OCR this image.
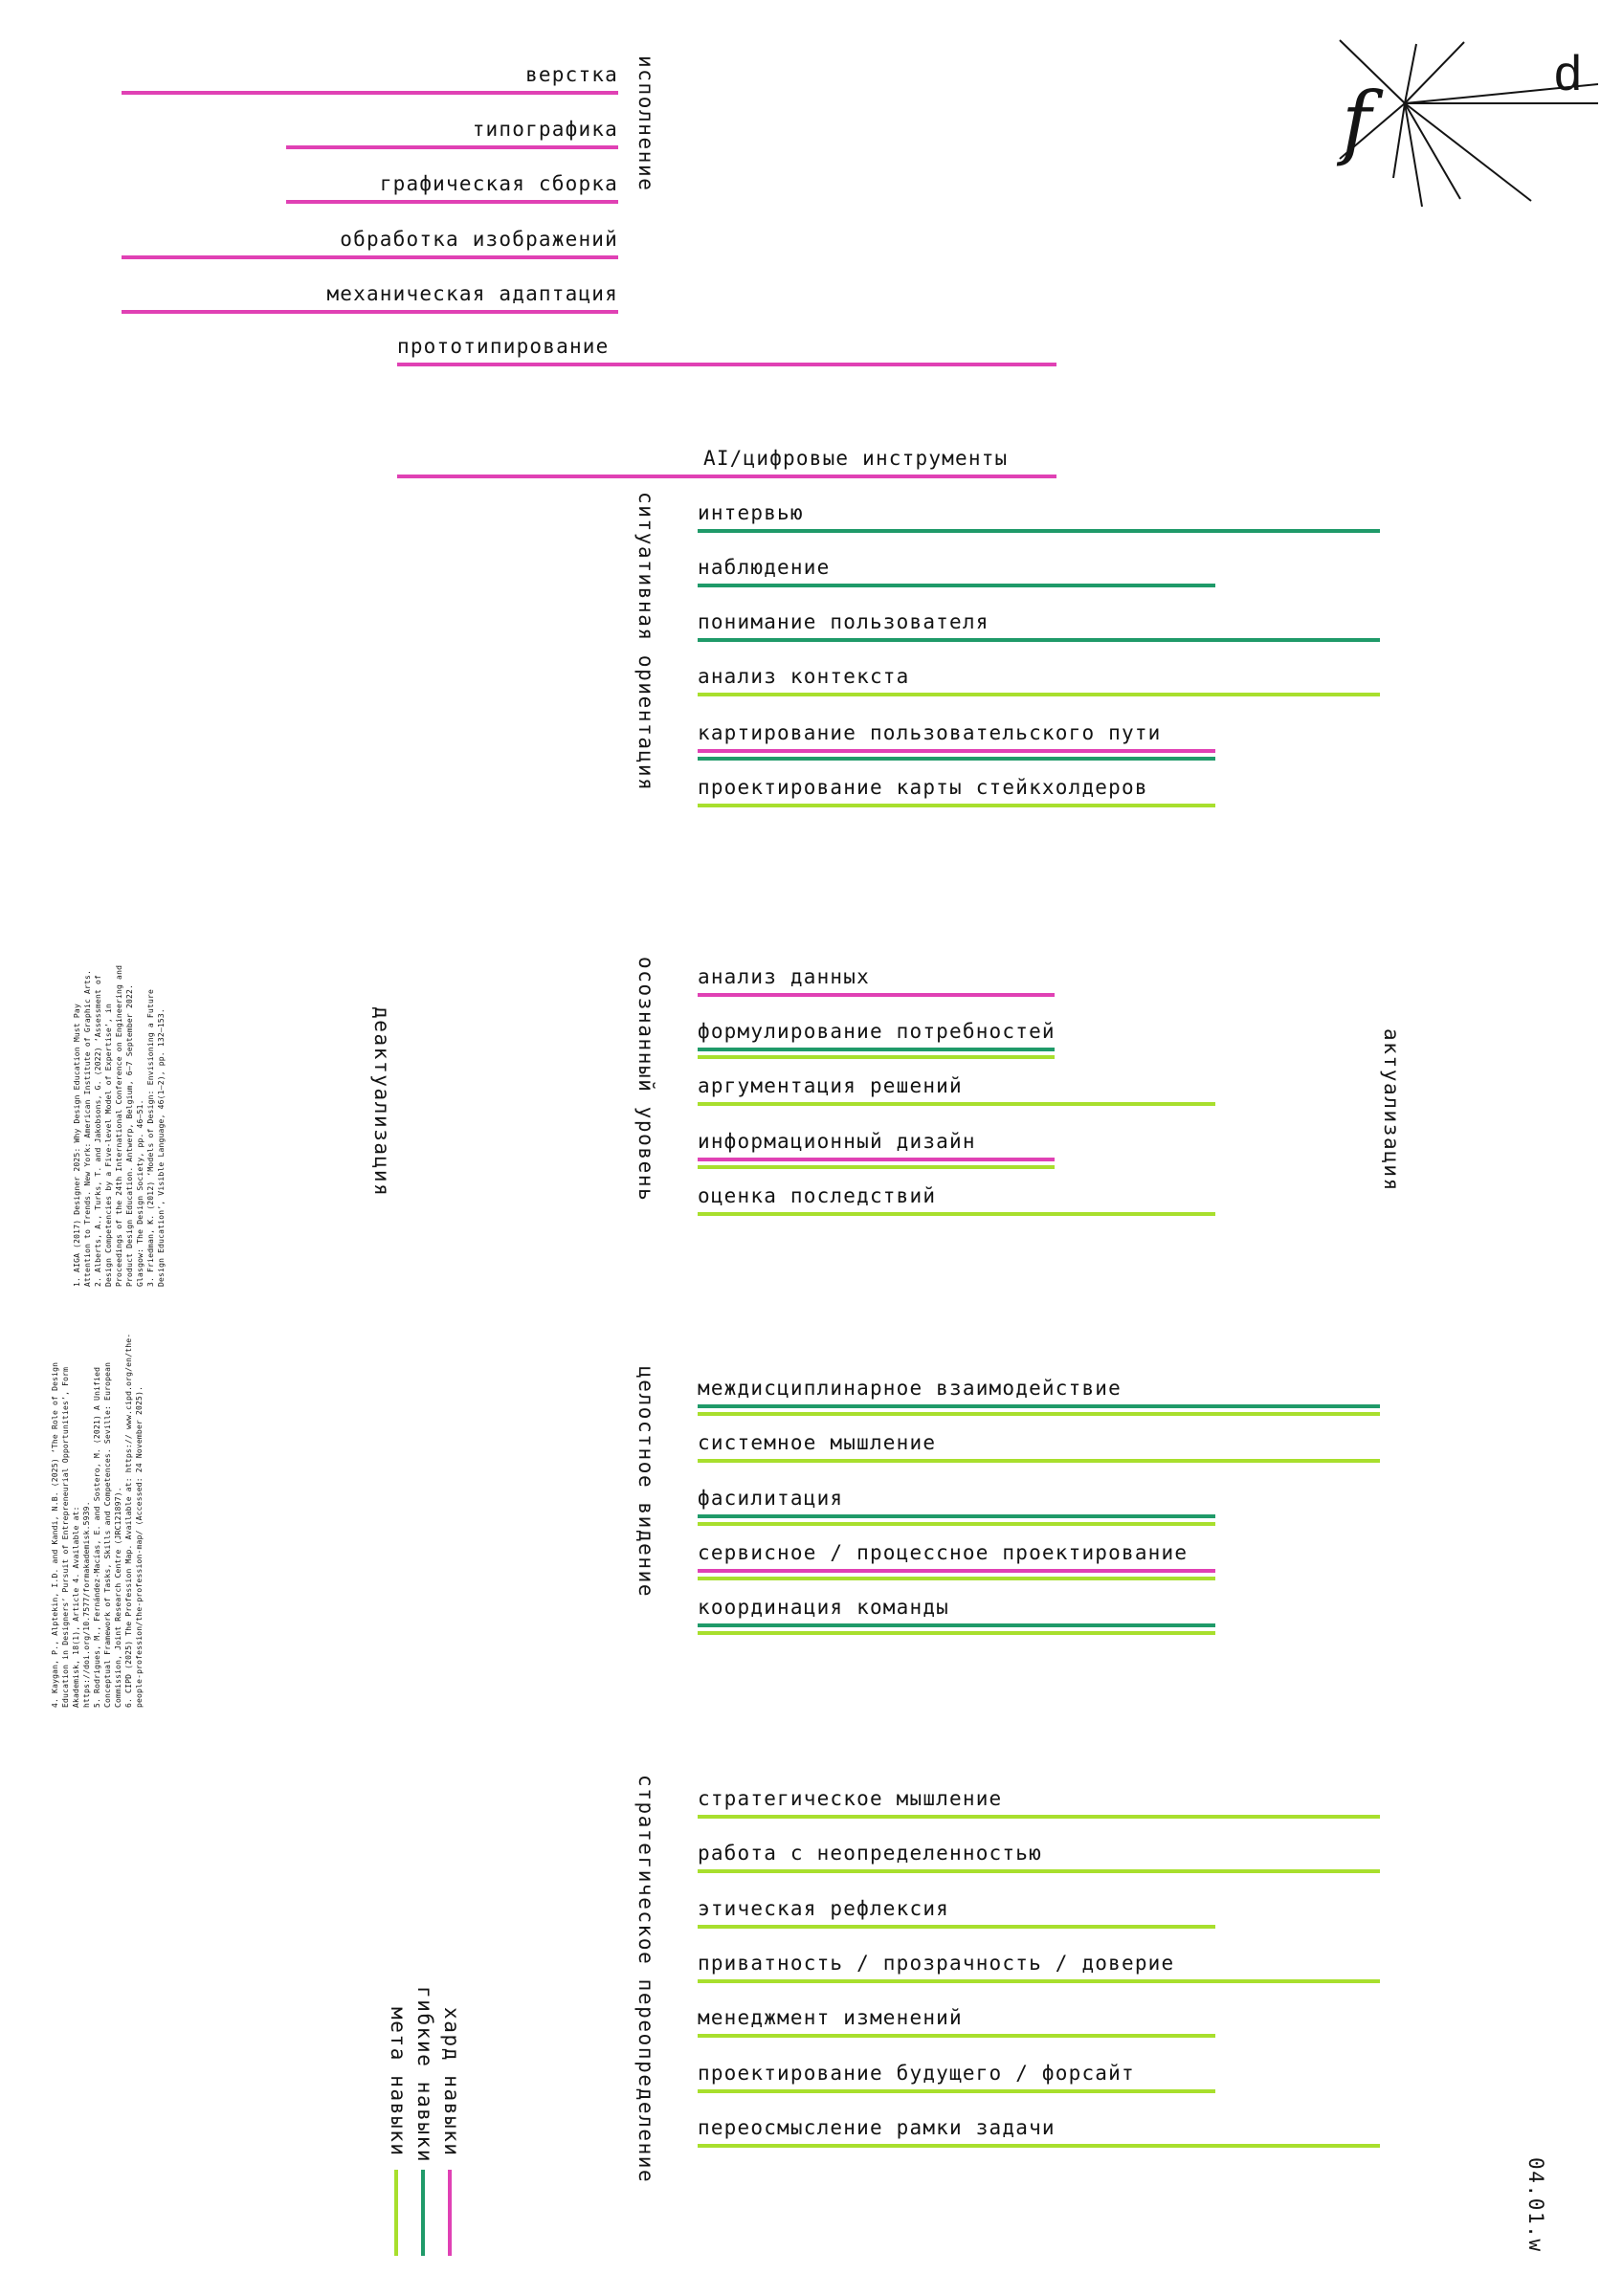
f
d
исполнение
ситуативная ориентация
осознанный уровень
целостное видение
стратегическое переопределение
деактуализация	актуализация
04.01.w
1. AIGA (2017) Designer 2025: Why Design Education Must Pay Attention to Trends. New York: American Institute of Graphic Arts. 2. Alberts, A., Turks, T. and Jakobsons, G. (2022) ‘Assessment of Design Competencies by a Five-level Model of Expertise’, in Proceedings of the 24th International Conference on Engineering and Product Design Education. Antwerp, Belgium, 6–7 September 2022. Glasgow: The Design Society, pp. 46–51. 3. Friedman, K. (2012) ‘Models of Design: Envisioning a Future Design Education’, Visible Language, 46(1–2), pp. 132–153.
4. Kaygan, P., Alpteki̇n, I.D. and Kandi, N.B. (2025) ‘The Role of Design Education in Designers’ Pursuit of Entrepreneurial Opportunities’, Form Akademisk, 18(1), Article 4. Available at: https://doi.org/10.7577/formakademisk.5939. 5. Rodrigues, M., Fernández-Macías, E. and Sostero, M. (2021) A Unified Conceptual Framework of Tasks, Skills and Competences. Seville: European Commission, Joint Research Centre (JRC121897). 6. CIPD (2025) The Profession Map. Available at: https:// www.cipd.org/en/the-people-profession/the-profession-map/ (Accessed: 24 November 2025).
хард навыки
гибкие навыки
мета навыки
верстка
типографика
графическая сборка
обработка изображений
механическая адаптация
прототипирование
AI/цифровые инструменты
интервью
наблюдение
понимание пользователя
анализ контекста
картирование пользовательского пути
проектирование карты стейкхолдеров
анализ данных
формулирование потребностей
аргументация решений
информационный дизайн
оценка последствий
междисциплинарное взаимодействие
системное мышление
фасилитация
сервисное / процессное проектирование
координация команды
стратегическое мышление
работа с неопределенностью
этическая рефлексия
приватность / прозрачность / доверие
менеджмент изменений
проектирование будущего / форсайт
переосмысление рамки задачи
